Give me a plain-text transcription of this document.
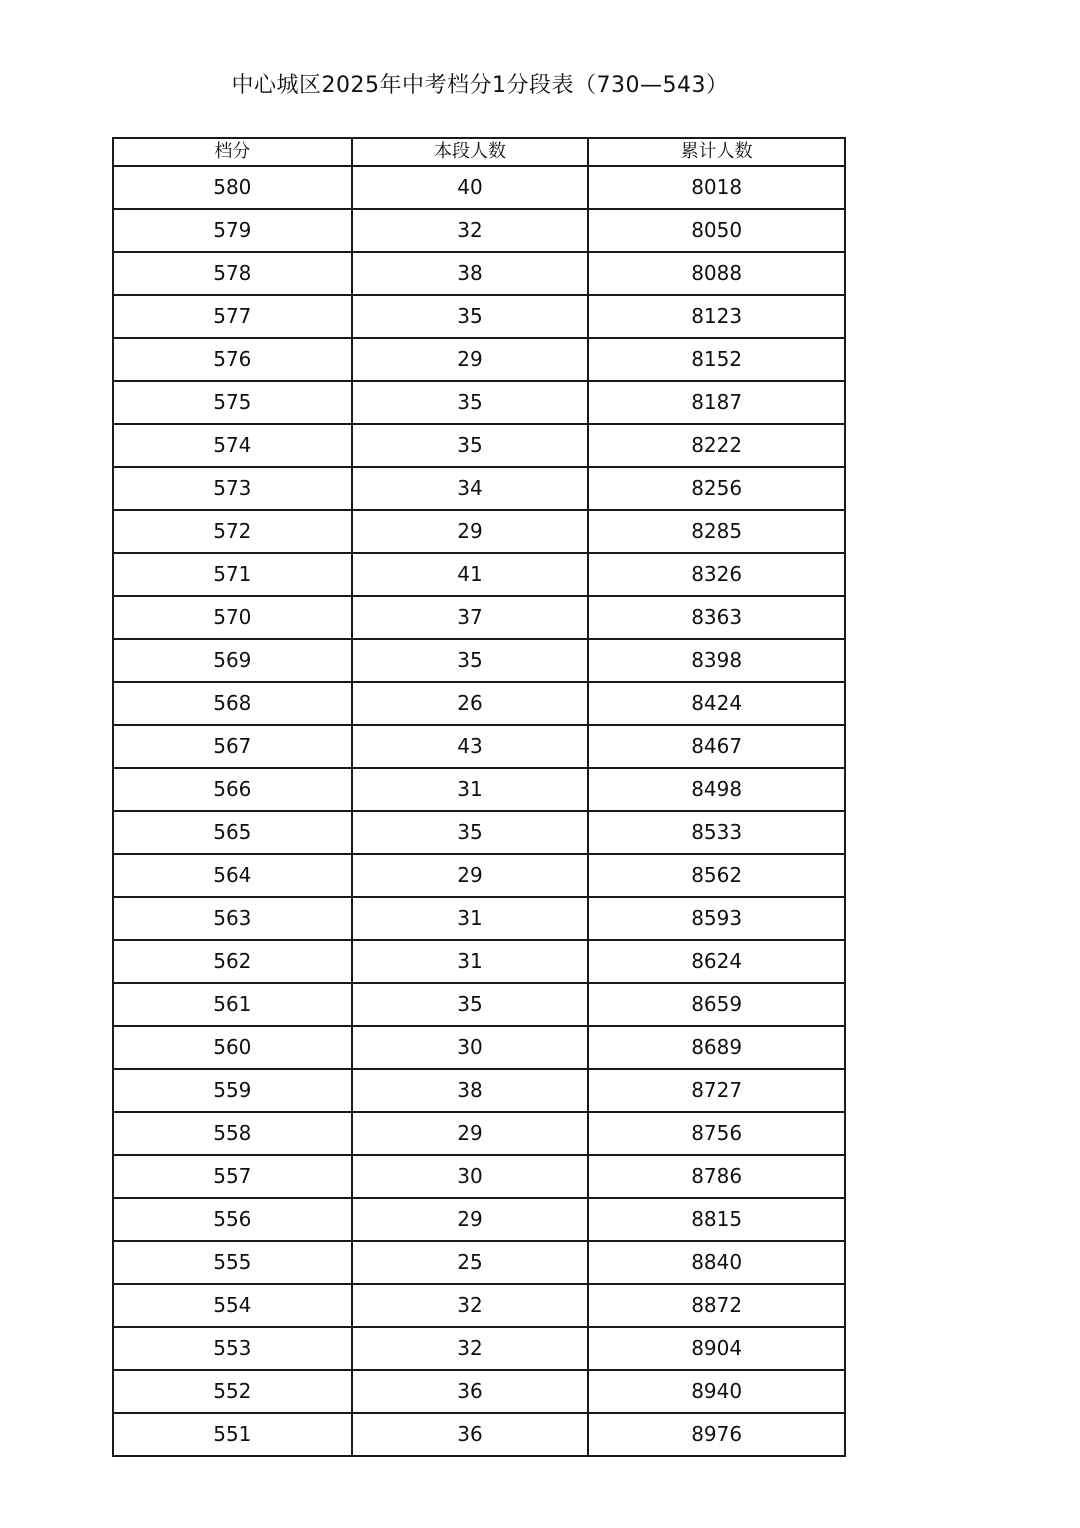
中心城区2025年中考档分1分段表（730—543）
档分	本段人数	累计人数
580	40	8018
579	32	8050
578	38	8088
577	35	8123
576	29	8152
575	35	8187
574	35	8222
573	34	8256
572	29	8285
571	41	8326
570	37	8363
569	35	8398
568	26	8424
567	43	8467
566	31	8498
565	35	8533
564	29	8562
563	31	8593
562	31	8624
561	35	8659
560	30	8689
559	38	8727
558	29	8756
557	30	8786
556	29	8815
555	25	8840
554	32	8872
553	32	8904
552	36	8940
551	36	8976
